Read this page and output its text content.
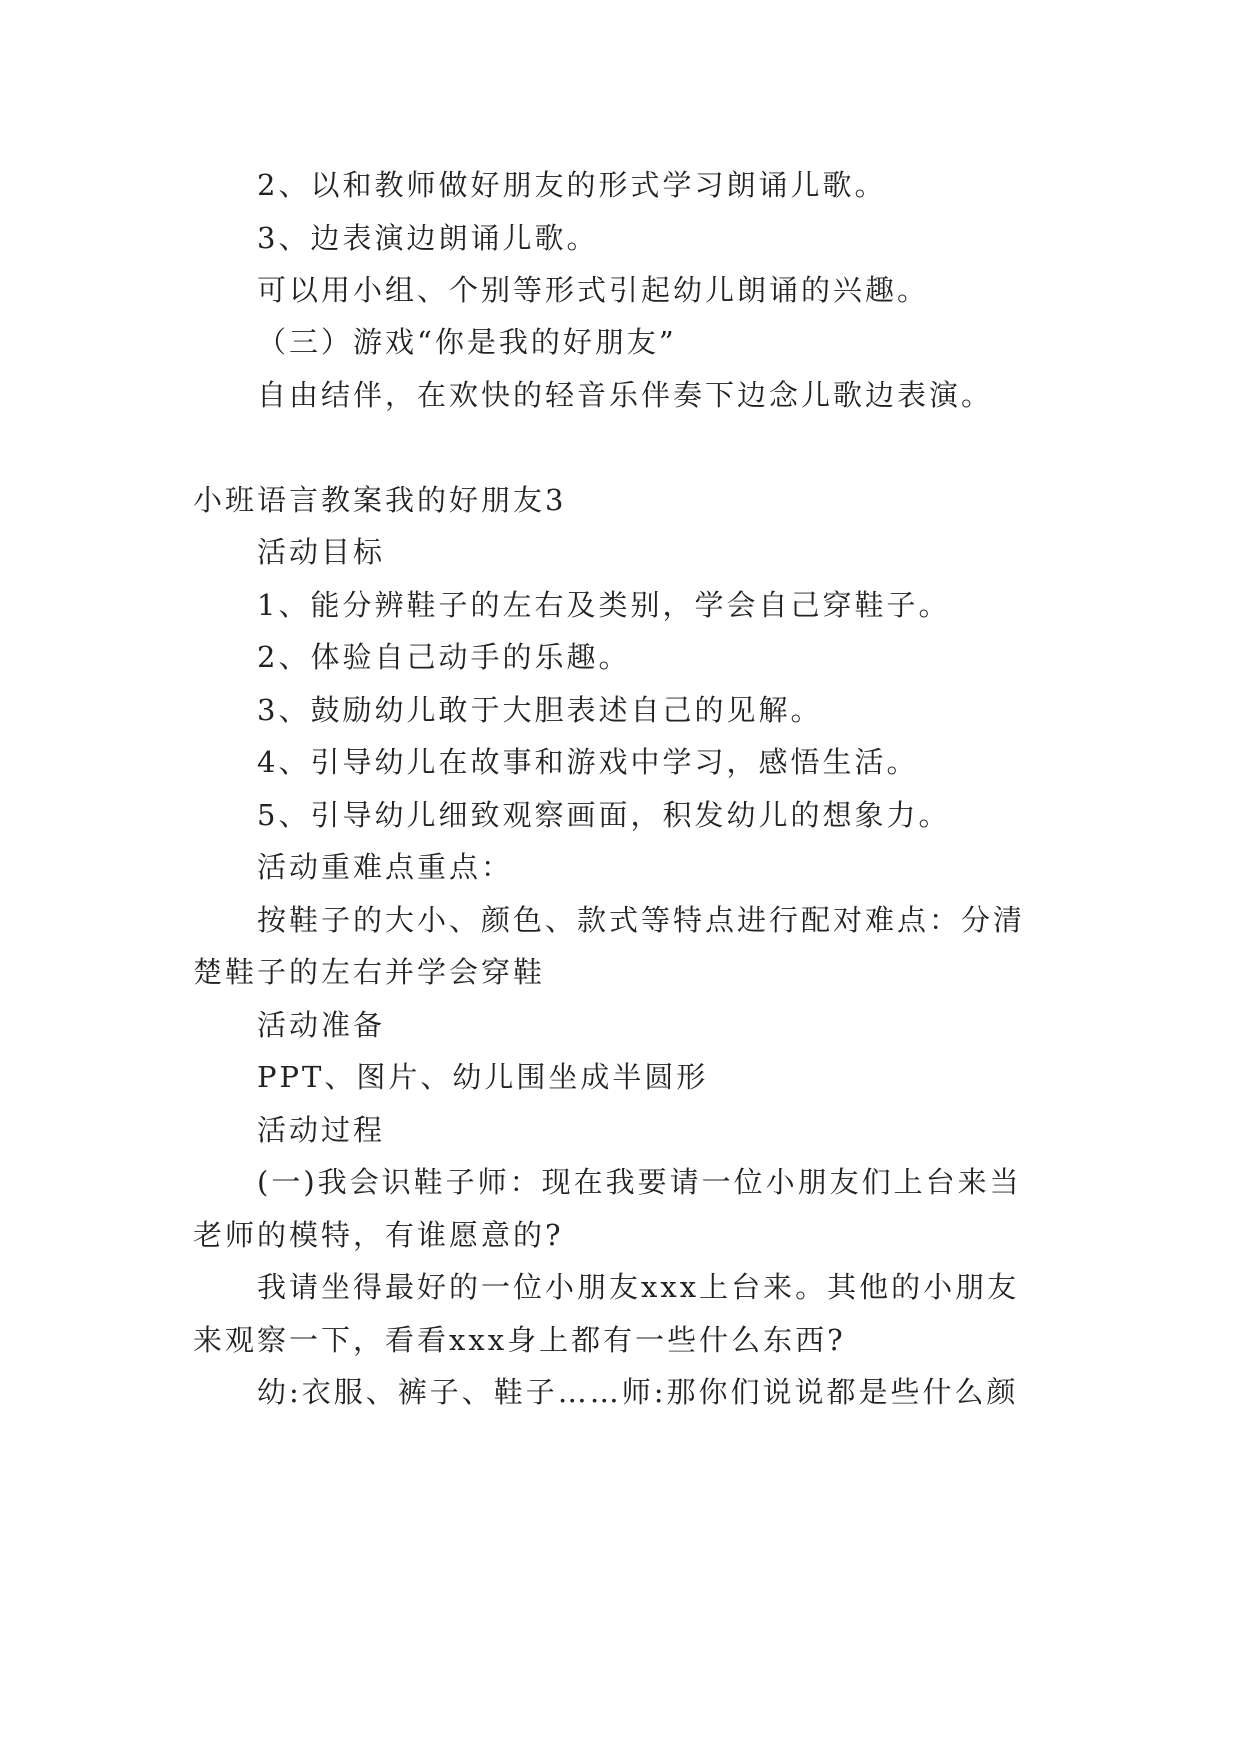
2、以和教师做好朋友的形式学习朗诵儿歌。
3、边表演边朗诵儿歌。
可以用小组、个别等形式引起幼儿朗诵的兴趣。
（三）游戏“你是我的好朋友”
自由结伴，在欢快的轻音乐伴奏下边念儿歌边表演。
小班语言教案我的好朋友3
活动目标
1、能分辨鞋子的左右及类别，学会自己穿鞋子。
2、体验自己动手的乐趣。
3、鼓励幼儿敢于大胆表述自己的见解。
4、引导幼儿在故事和游戏中学习，感悟生活。
5、引导幼儿细致观察画面，积发幼儿的想象力。
活动重难点重点：
按鞋子的大小、颜色、款式等特点进行配对难点：分清
楚鞋子的左右并学会穿鞋
活动准备
PPT、图片、幼儿围坐成半圆形
活动过程
(一)我会识鞋子师：现在我要请一位小朋友们上台来当
老师的模特，有谁愿意的?
我请坐得最好的一位小朋友xxx上台来。其他的小朋友
来观察一下，看看xxx身上都有一些什么东西?
幼:衣服、裤子、鞋子……师:那你们说说都是些什么颜
